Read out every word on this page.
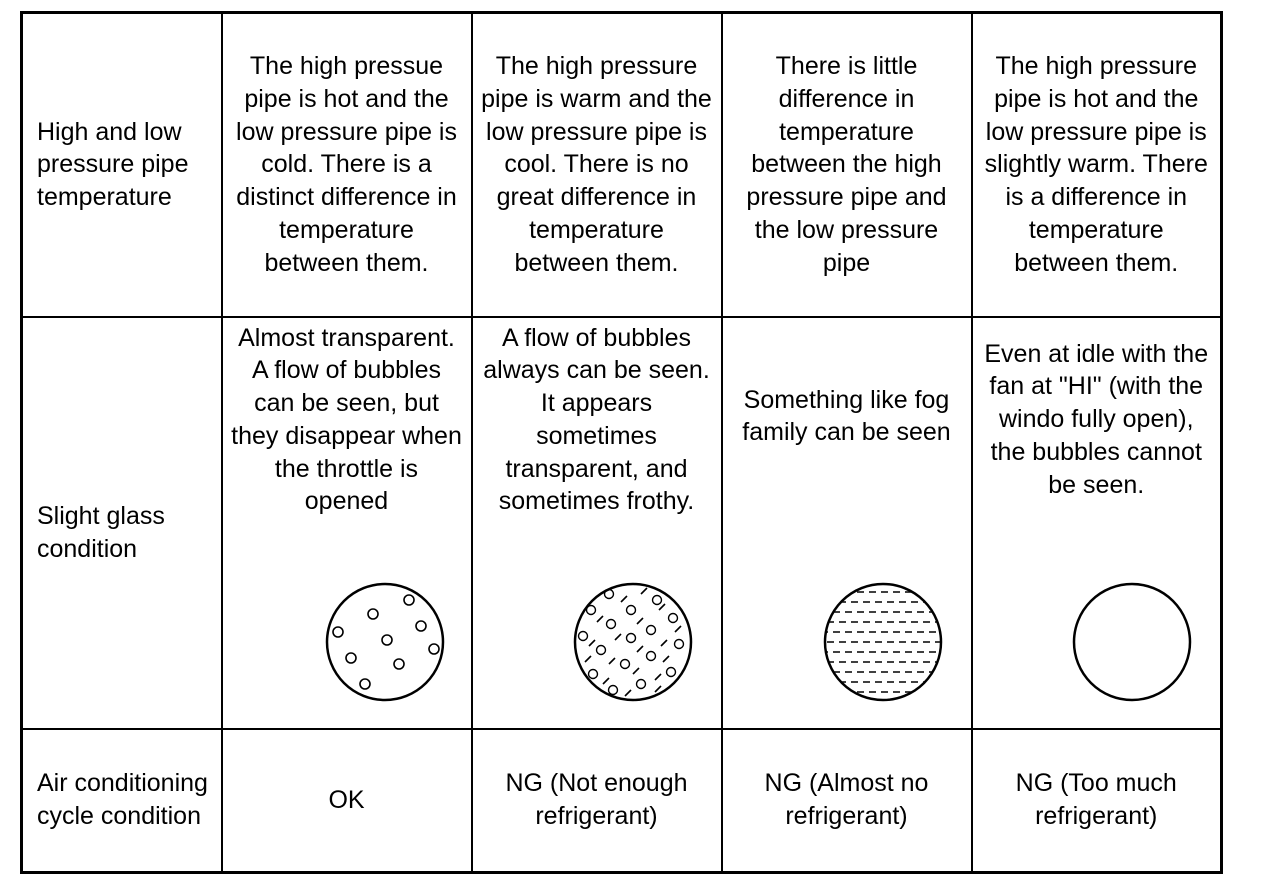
High and low pressure pipe temperature	The high pressue pipe is hot and the low pressure pipe is cold. There is a distinct difference in temperature between them.	The high pressure pipe is warm and the low pressure pipe is cool. There is no great difference in temperature between them.	There is little difference in temperature between the high pressure pipe and the low pressure pipe	The high pressure pipe is hot and the low pressure pipe is slightly warm. There is a difference in temperature between them.
Slight glass condition	Almost transparent. A flow of bubbles can be seen, but they disappear when the throttle is opened	A flow of bubbles always can be seen. It appears sometimes transparent, and sometimes frothy.	Something like fog family can be seen	Even at idle with the fan at "HI" (with the windo fully open), the bubbles cannot be seen.

Air conditioning cycle condition	OK	NG (Not enough refrigerant)	NG (Almost no refrigerant)	NG (Too much refrigerant)
